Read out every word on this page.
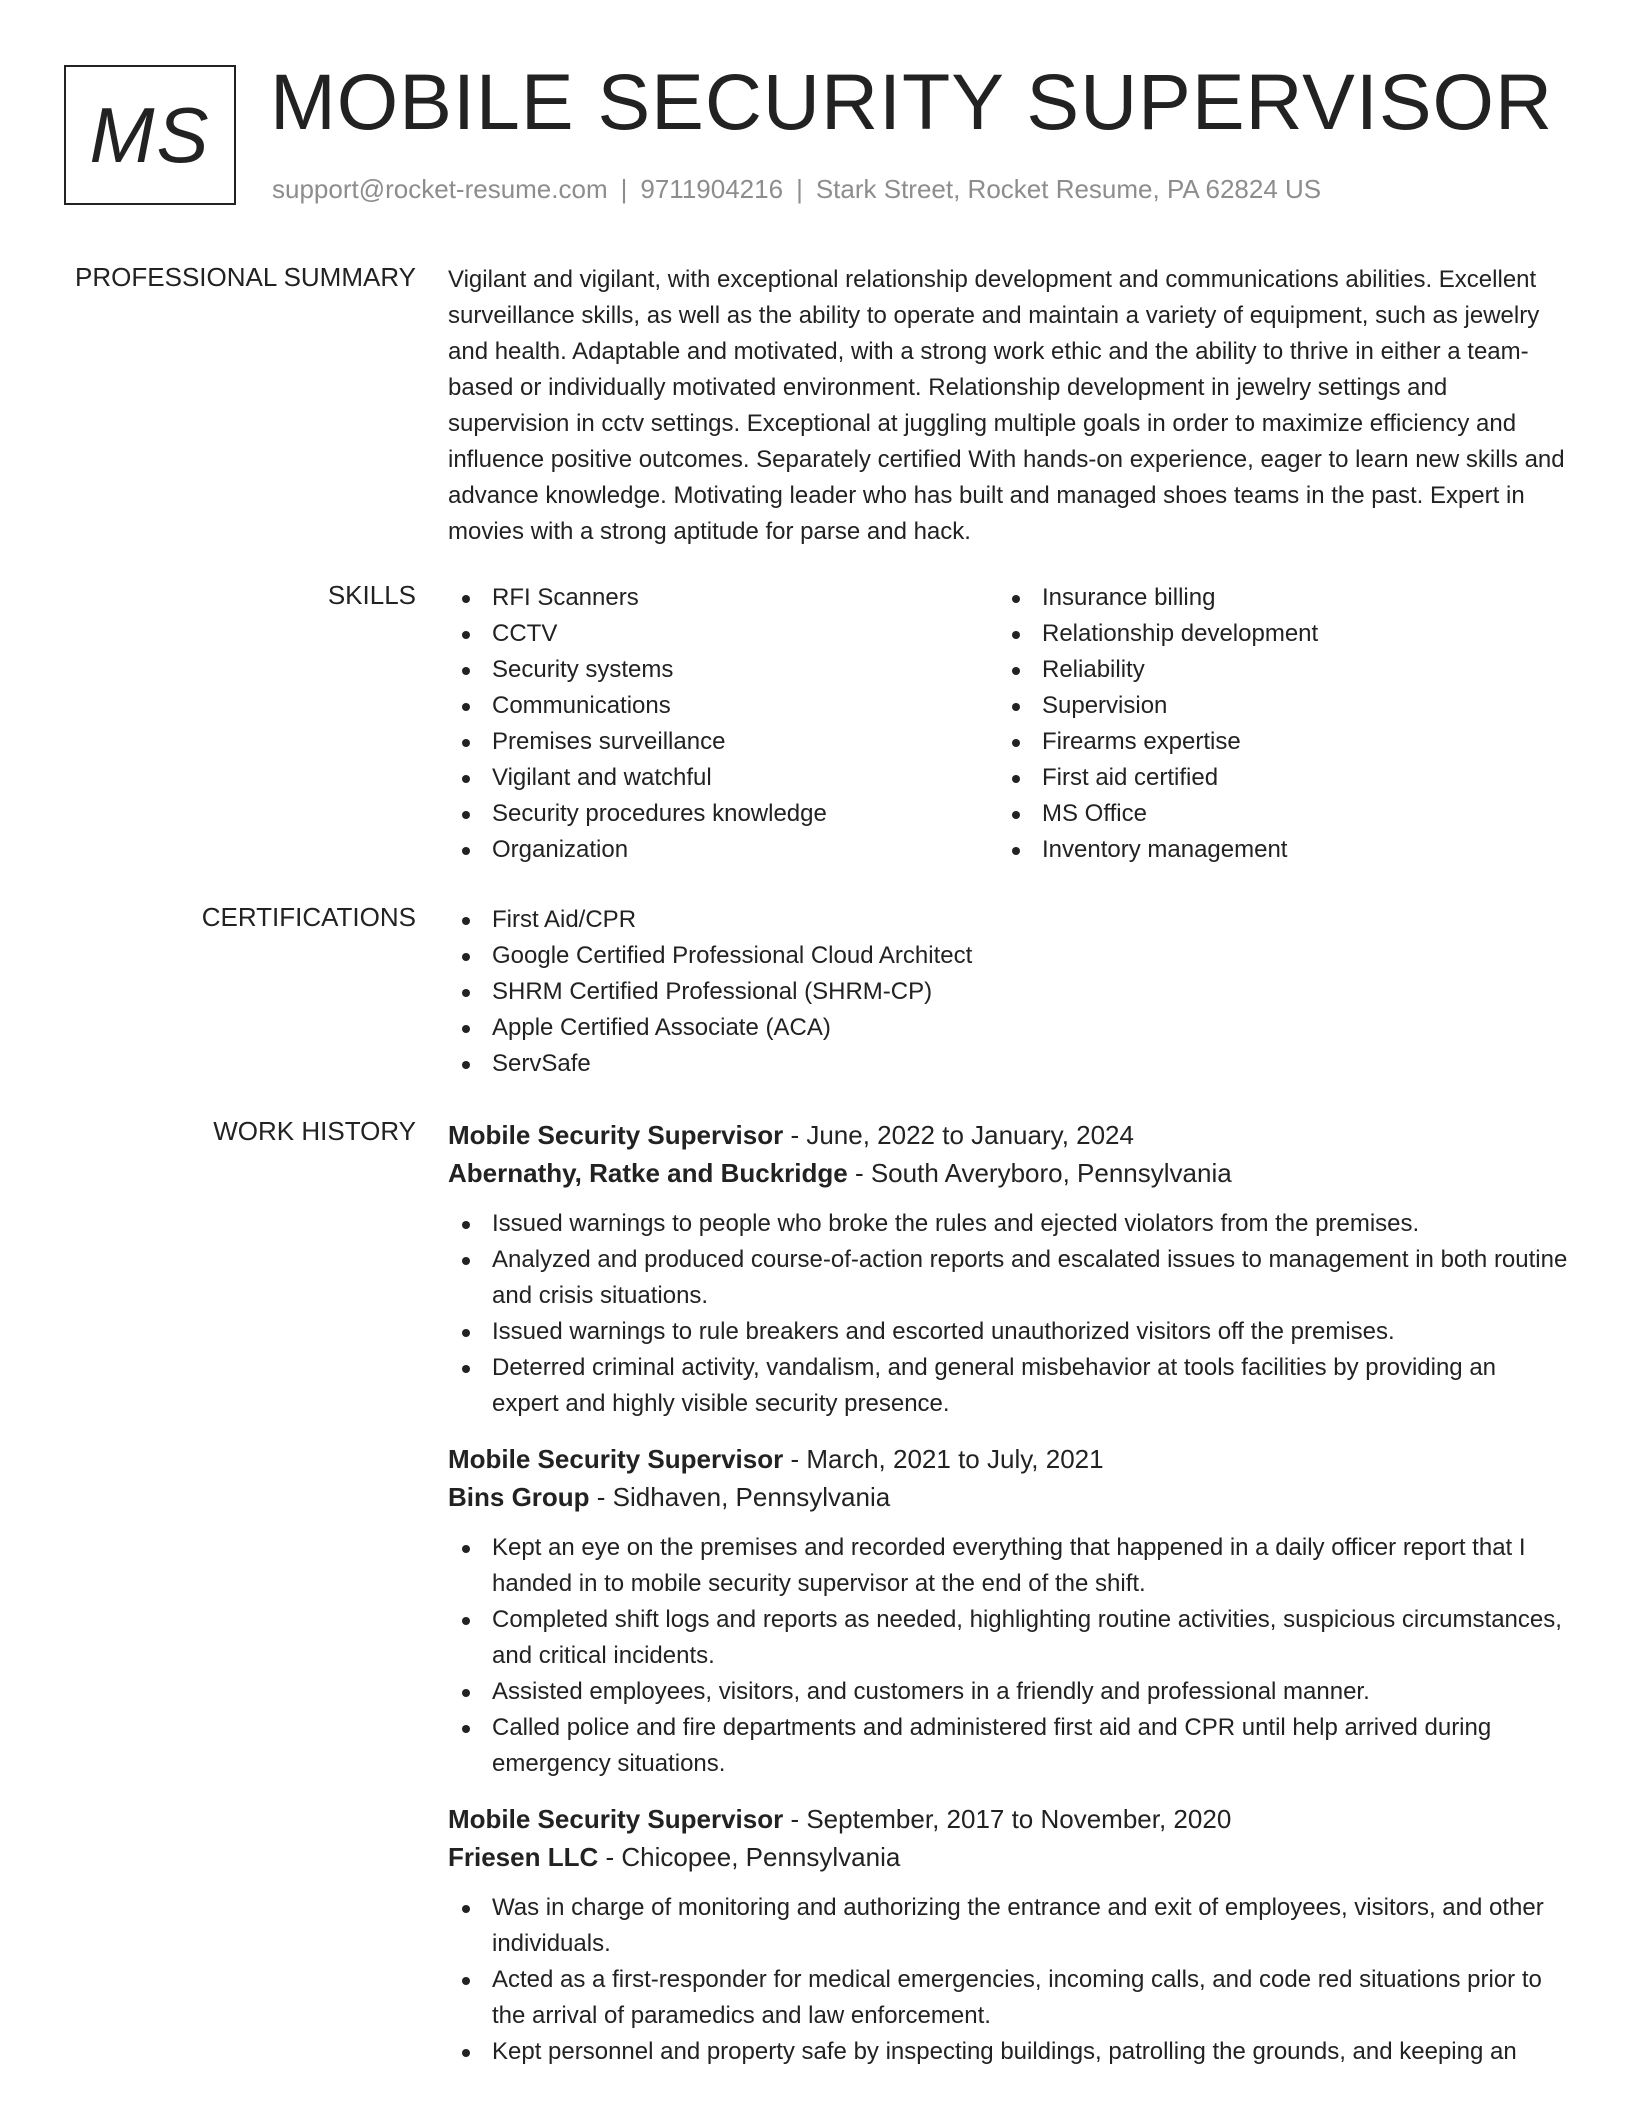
MS MOBILE SECURITY SUPERVISOR
support@rocket-resume.com | 9711904216 | Stark Street, Rocket Resume, PA 62824 US
PROFESSIONAL SUMMARY Vigilant and vigilant, with exceptional relationship development and communications abilities. Excellent surveillance skills, as well as the ability to operate and maintain a variety of equipment, such as jewelry and health. Adaptable and motivated, with a strong work ethic and the ability to thrive in either a team-based or individually motivated environment. Relationship development in jewelry settings and supervision in cctv settings. Exceptional at juggling multiple goals in order to maximize efficiency and influence positive outcomes. Separately certified With hands-on experience, eager to learn new skills and advance knowledge. Motivating leader who has built and managed shoes teams in the past. Expert in movies with a strong aptitude for parse and hack.

SKILLS	RFI Scanners
CCTV
Security systems
Communications
Premises surveillance
Vigilant and watchful
Security procedures knowledge
Organization
Insurance billing
Relationship development
Reliability
Supervision
Firearms expertise
First aid certified
MS Office
Inventory management
CERTIFICATIONS	First Aid/CPR
Google Certified Professional Cloud Architect
SHRM Certified Professional (SHRM-CP)
Apple Certified Associate (ACA)
ServSafe
WORK HISTORY Mobile Security Supervisor - June, 2022 to January, 2024
Abernathy, Ratke and Buckridge - South Averyboro, Pennsylvania
Issued warnings to people who broke the rules and ejected violators from the premises.
Analyzed and produced course-of-action reports and escalated issues to management in both routine and crisis situations.
Issued warnings to rule breakers and escorted unauthorized visitors off the premises.
Deterred criminal activity, vandalism, and general misbehavior at tools facilities by providing an expert and highly visible security presence.
Mobile Security Supervisor - March, 2021 to July, 2021
Bins Group - Sidhaven, Pennsylvania
Kept an eye on the premises and recorded everything that happened in a daily officer report that I handed in to mobile security supervisor at the end of the shift.
Completed shift logs and reports as needed, highlighting routine activities, suspicious circumstances, and critical incidents.
Assisted employees, visitors, and customers in a friendly and professional manner.
Called police and fire departments and administered first aid and CPR until help arrived during emergency situations.
Mobile Security Supervisor - September, 2017 to November, 2020
Friesen LLC - Chicopee, Pennsylvania
Was in charge of monitoring and authorizing the entrance and exit of employees, visitors, and other individuals.
Acted as a first-responder for medical emergencies, incoming calls, and code red situations prior to the arrival of paramedics and law enforcement.
Kept personnel and property safe by inspecting buildings, patrolling the grounds, and keeping an
